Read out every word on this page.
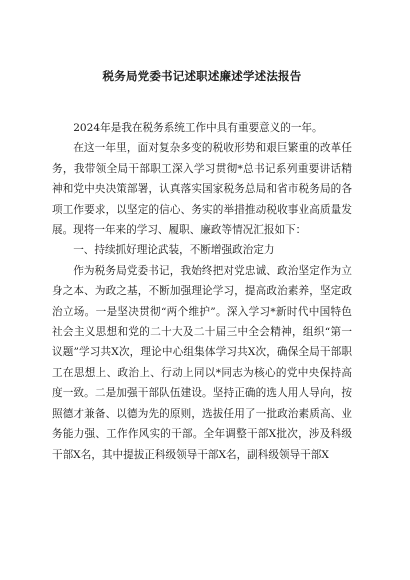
税务局党委书记述职述廉述学述法报告

2024年是我在税务系统工作中具有重要意义的一年。

在这一年里，面对复杂多变的税收形势和艰巨繁重的改革任务，我带领全局干部职工深入学习贯彻*总书记系列重要讲话精神和党中央决策部署，认真落实国家税务总局和省市税务局的各项工作要求，以坚定的信心、务实的举措推动税收事业高质量发展。现将一年来的学习、履职、廉政等情况汇报如下：

一、持续抓好理论武装，不断增强政治定力

作为税务局党委书记，我始终把对党忠诚、政治坚定作为立身之本、为政之基，不断加强理论学习，提高政治素养，坚定政治立场。一是坚决贯彻“两个维护”。深入学习*新时代中国特色社会主义思想和党的二十大及二十届三中全会精神，组织“第一议题”学习共X次，理论中心组集体学习共X次，确保全局干部职工在思想上、政治上、行动上同以*同志为核心的党中央保持高度一致。二是加强干部队伍建设。坚持正确的选人用人导向，按照德才兼备、以德为先的原则，选拔任用了一批政治素质高、业务能力强、工作作风实的干部。全年调整干部X批次，涉及科级干部X名，其中提拔正科级领导干部X名，副科级领导干部X
